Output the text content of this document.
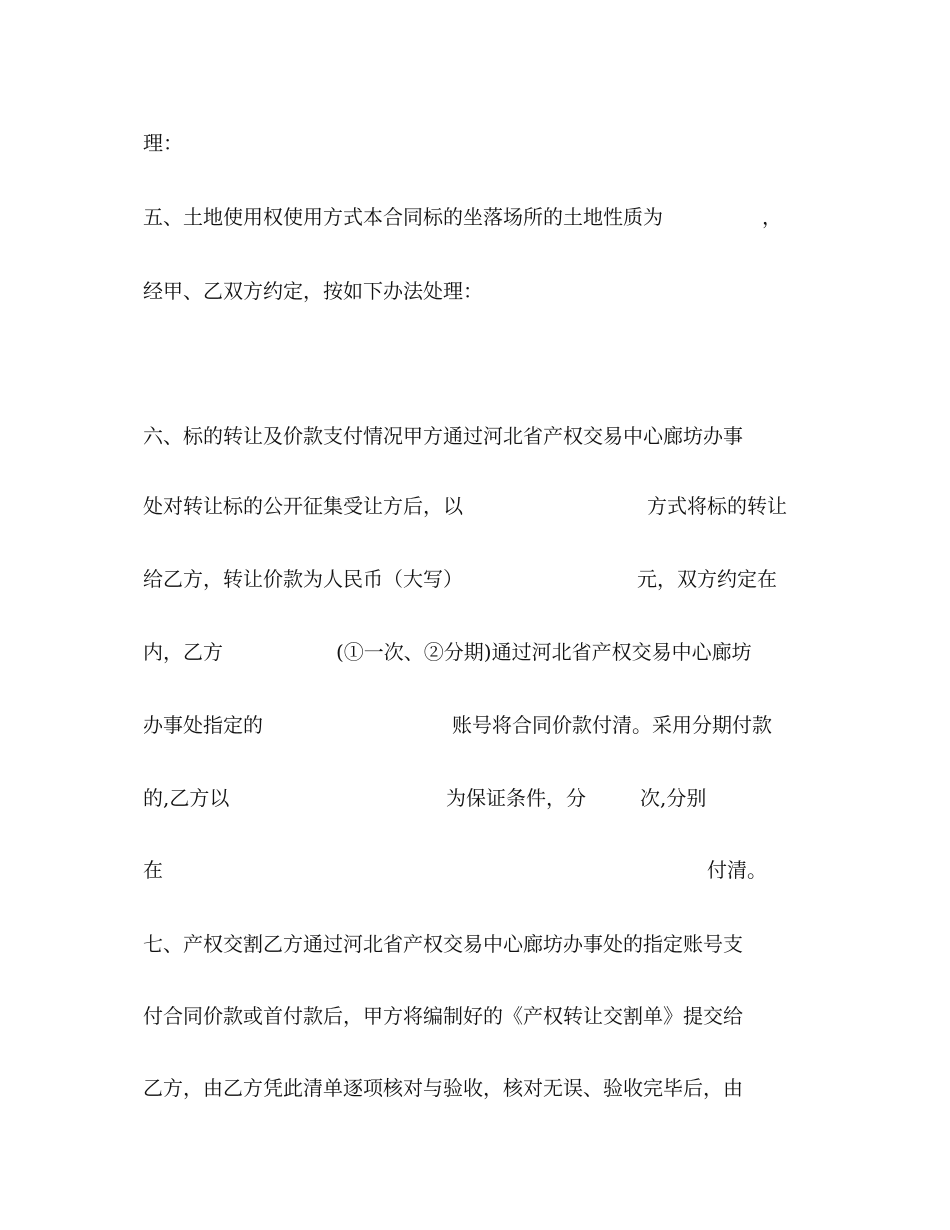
理：

五、土地使用权使用方式本合同标的坐落场所的土地性质为

	，

经甲、乙双方约定，按如下办法处理：

六、标的转让及价款支付情况甲方通过河北省产权交易中心廊坊办事

处对转让标的公开征集受让方后，以

	方式将标的转让

给乙方，转让价款为人民币（大写）

	元，双方约定在

内，乙方

	(①一次、②分期)通过河北省产权交易中心廊坊

办事处指定的

	账号将合同价款付清。采用分期付款

的,乙方以

	为保证条件，分

	次,分别

在

	付清。

七、产权交割乙方通过河北省产权交易中心廊坊办事处的指定账号支

付合同价款或首付款后，甲方将编制好的《产权转让交割单》提交给

乙方，由乙方凭此清单逐项核对与验收，核对无误、验收完毕后，由
